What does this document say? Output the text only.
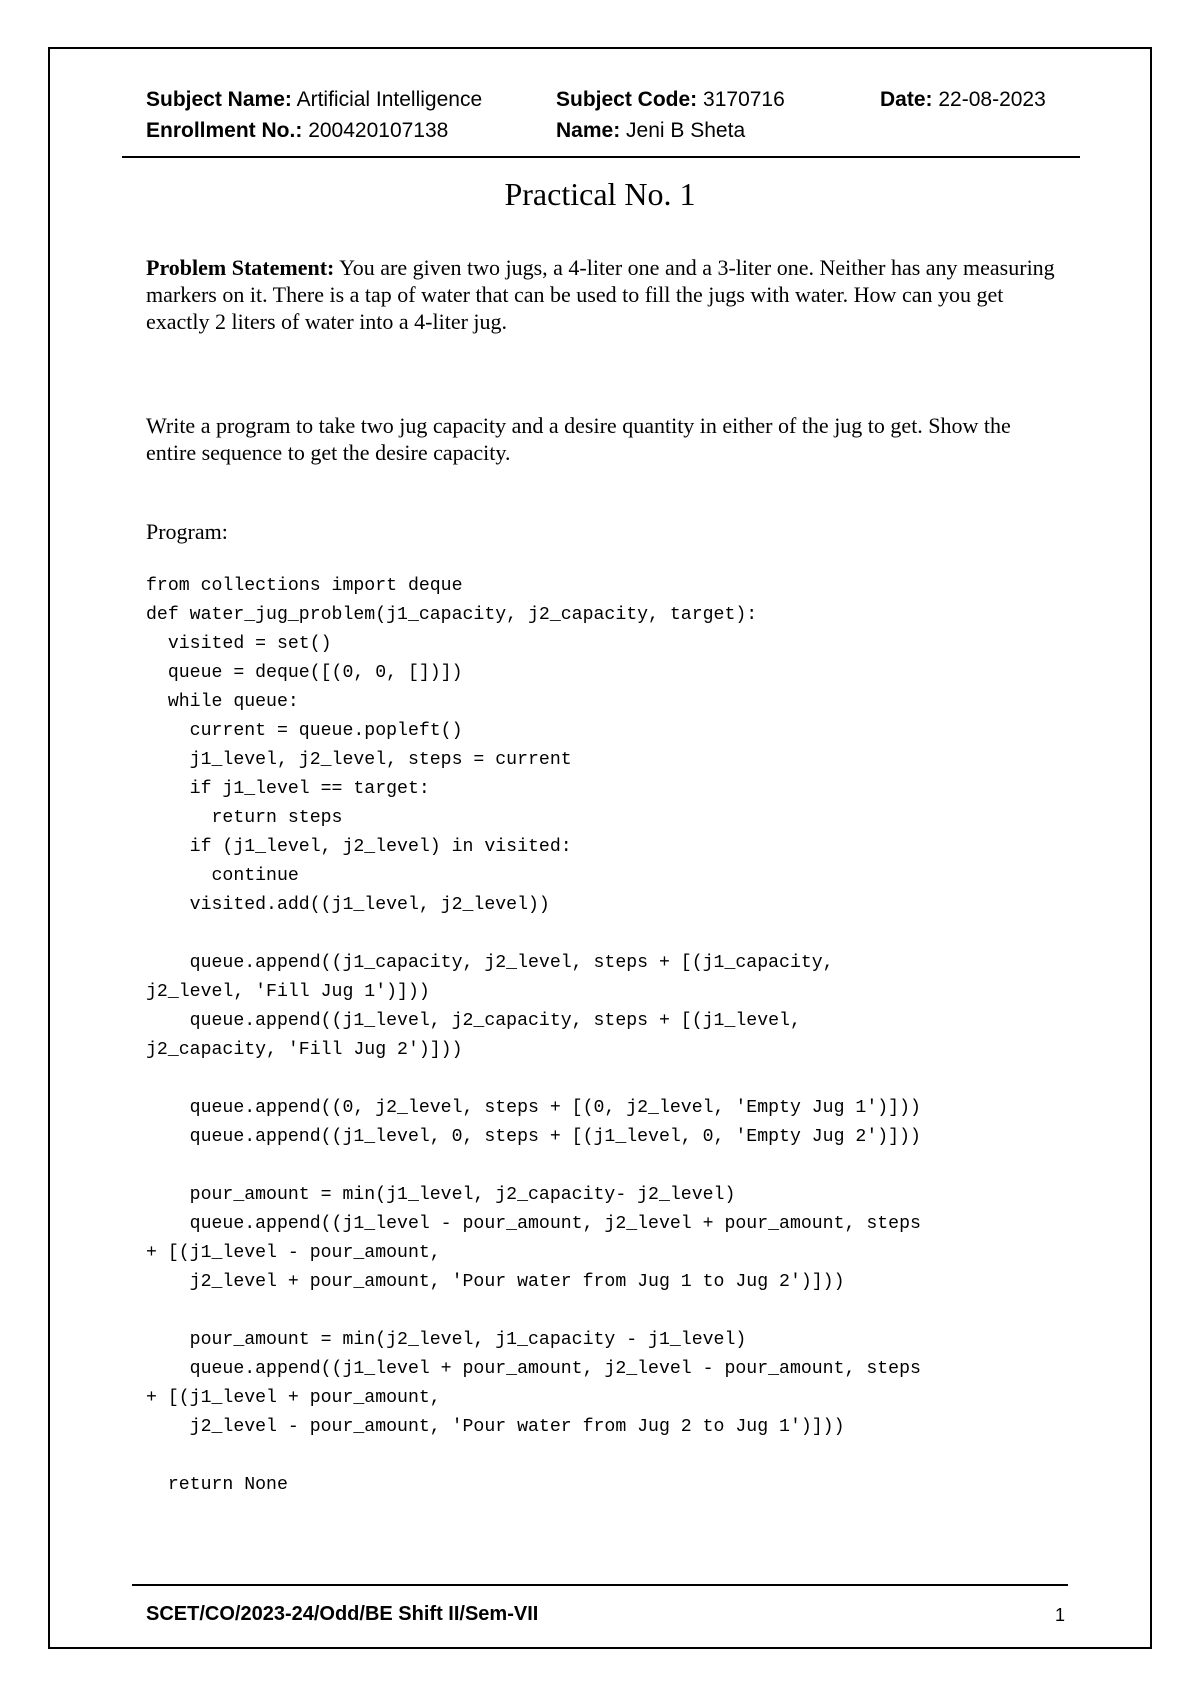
Subject Name: Artificial Intelligence	Subject Code: 3170716	Date: 22-08-2023
Enrollment No.: 200420107138	Name: Jeni B Sheta
Practical No. 1
Problem Statement: You are given two jugs, a 4-liter one and a 3-liter one. Neither has any measuring markers on it. There is a tap of water that can be used to fill the jugs with water. How can you get exactly 2 liters of water into a 4-liter jug.
Write a program to take two jug capacity and a desire quantity in either of the jug to get. Show the entire sequence to get the desire capacity.
Program:
from collections import deque
def water_jug_problem(j1_capacity, j2_capacity, target):
visited = set()
queue = deque([(0, 0, [])])
while queue:
current = queue.popleft()
j1_level, j2_level, steps = current
if j1_level == target:
return steps
if (j1_level, j2_level) in visited:
continue
visited.add((j1_level, j2_level))

queue.append((j1_capacity, j2_level, steps + [(j1_capacity,
j2_level, 'Fill Jug 1')]))
queue.append((j1_level, j2_capacity, steps + [(j1_level,
j2_capacity, 'Fill Jug 2')]))

queue.append((0, j2_level, steps + [(0, j2_level, 'Empty Jug 1')]))
queue.append((j1_level, 0, steps + [(j1_level, 0, 'Empty Jug 2')]))

pour_amount = min(j1_level, j2_capacity- j2_level)
queue.append((j1_level - pour_amount, j2_level + pour_amount, steps
+ [(j1_level - pour_amount,
j2_level + pour_amount, 'Pour water from Jug 1 to Jug 2')]))

pour_amount = min(j2_level, j1_capacity - j1_level)
queue.append((j1_level + pour_amount, j2_level - pour_amount, steps
+ [(j1_level + pour_amount,
j2_level - pour_amount, 'Pour water from Jug 2 to Jug 1')]))

return None
SCET/CO/2023-24/Odd/BE Shift II/Sem-VII	1
